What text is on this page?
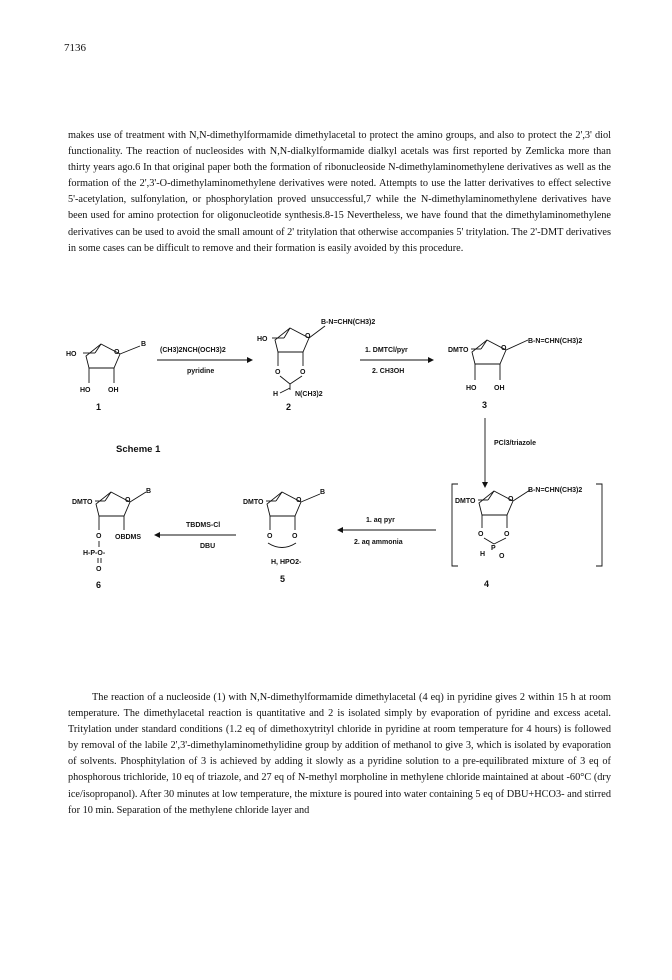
7136

makes use of treatment with N,N-dimethylformamide dimethylacetal to protect the amino groups, and also to protect the 2',3' diol functionality. The reaction of nucleosides with N,N-dialkylformamide dialkyl acetals was first reported by Zemlicka more than thirty years ago.6 In that original paper both the formation of ribonucleoside N-dimethylaminomethylene derivatives as well as the formation of the 2',3'-O-dimethylaminomethylene derivatives were noted. Attempts to use the latter derivatives to effect selective 5'-acetylation, sulfonylation, or phosphorylation proved unsuccessful,7 while the N-dimethylaminomethylene derivatives have been used for amino protection for oligonucleotide synthesis.8-15 Nevertheless, we have found that the dimethylaminomethylene derivatives can be used to avoid the small amount of 2' tritylation that otherwise accompanies 5' tritylation. The 2'-DMT derivatives in some cases can be difficult to remove and their formation is easily avoided by this procedure.

HO	O
B
HO	OH
1
(CH3)2NCH(OCH3)2
pyridine
HO	O
B-N=CHN(CH3)2
O	O
H N(CH3)2
2
1. DMTCl/pyr
2. CH3OH
DMTO	O
B-N=CHN(CH3)2
HO	OH
3
PCl3/triazole
Scheme 1
DMTO	O
B-N=CHN(CH3)2
O	O
P
H O
4
1. aq pyr
2. aq ammonia
DMTO	O
B
O	O
H, HPO2-
5
TBDMS-Cl
DBU
DMTO	O
B
O OBDMS
H-P-O-
O
6

The reaction of a nucleoside (1) with N,N-dimethylformamide dimethylacetal (4 eq) in pyridine gives 2 within 15 h at room temperature. The dimethylacetal reaction is quantitative and 2 is isolated simply by evaporation of pyridine and excess acetal. Tritylation under standard conditions (1.2 eq of dimethoxytrityl chloride in pyridine at room temperature for 4 hours) is followed by removal of the labile 2',3'-dimethylaminomethylidine group by addition of methanol to give 3, which is isolated by evaporation of solvents. Phosphitylation of 3 is achieved by adding it slowly as a pyridine solution to a pre-equilibrated mixture of 3 eq of phosphorous trichloride, 10 eq of triazole, and 27 eq of N-methyl morpholine in methylene chloride maintained at about -60°C (dry ice/isopropanol). After 30 minutes at low temperature, the mixture is poured into water containing 5 eq of DBU+HCO3- and stirred for 10 min. Separation of the methylene chloride layer and
